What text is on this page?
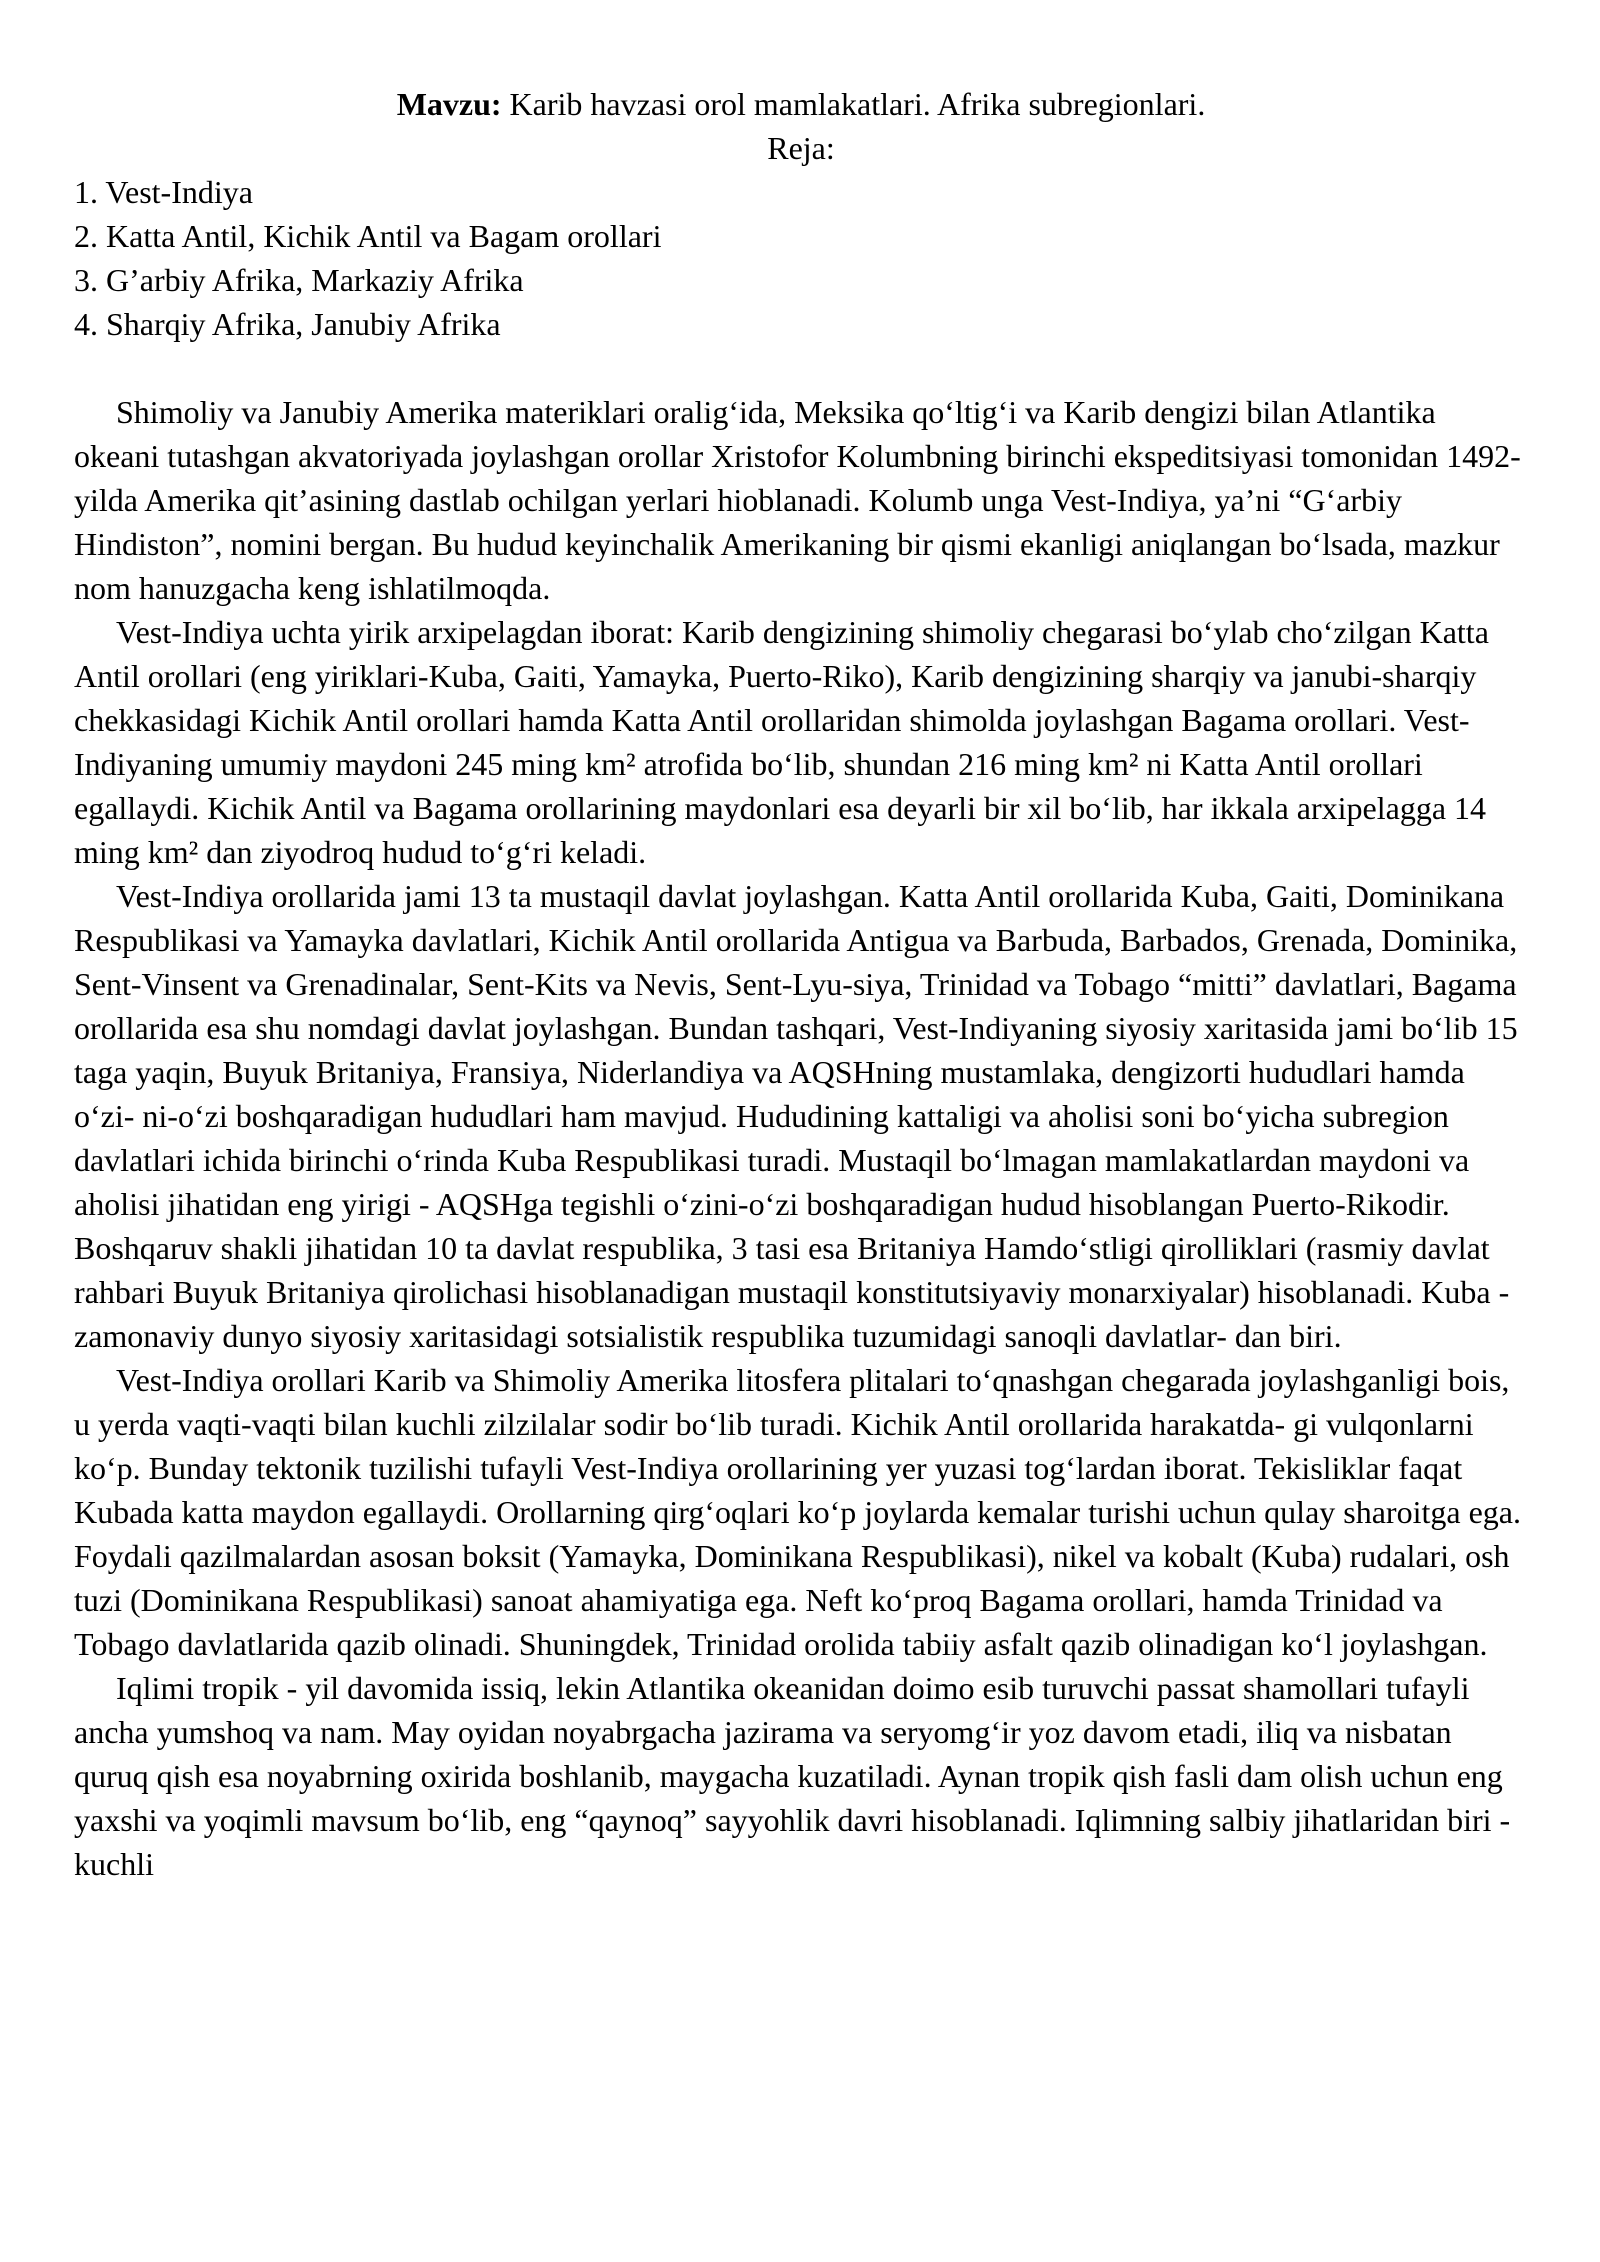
Mavzu: Karib havzasi orol mamlakatlari. Afrika subregionlari.
Reja:
1. Vest-Indiya
2. Katta Antil, Kichik Antil va Bagam orollari
3. G’arbiy Afrika, Markaziy Afrika
4. Sharqiy Afrika, Janubiy Afrika

Shimoliy va Janubiy Amerika materiklari oralig‘ida, Meksika qo‘ltig‘i va Karib dengizi bilan Atlantika okeani tutashgan akvatoriyada joylashgan orollar Xristofor Kolumbning birinchi ekspeditsiyasi tomonidan 1492-yilda Amerika qit’asining dastlab ochilgan yerlari hioblanadi. Kolumb unga Vest-Indiya, ya’ni “G‘arbiy Hindiston”, nomini bergan. Bu hudud keyinchalik Amerikaning bir qismi ekanligi aniqlangan bo‘lsada, mazkur nom hanuzgacha keng ishlatilmoqda.

Vest-Indiya uchta yirik arxipelagdan iborat: Karib dengizining shimoliy chegarasi bo‘ylab cho‘zilgan Katta Antil orollari (eng yiriklari-Kuba, Gaiti, Yamayka, Puerto-Riko), Karib dengizining sharqiy va janubi-sharqiy chekkasidagi Kichik Antil orollari hamda Katta Antil orollaridan shimolda joylashgan Bagama orollari. Vest-Indiyaning umumiy maydoni 245 ming km² atrofida bo‘lib, shundan 216 ming km² ni Katta Antil orollari egallaydi. Kichik Antil va Bagama orollarining maydonlari esa deyarli bir xil bo‘lib, har ikkala arxipelagga 14 ming km² dan ziyodroq hudud to‘g‘ri keladi.

Vest-Indiya orollarida jami 13 ta mustaqil davlat joylashgan. Katta Antil orollarida Kuba, Gaiti, Dominikana Respublikasi va Yamayka davlatlari, Kichik Antil orollarida Antigua va Barbuda, Barbados, Grenada, Dominika, Sent-Vinsent va Grenadinalar, Sent-Kits va Nevis, Sent-Lyu-siya, Trinidad va Tobago “mitti” davlatlari, Bagama orollarida esa shu nomdagi davlat joylashgan. Bundan tashqari, Vest-Indiyaning siyosiy xaritasida jami bo‘lib 15 taga yaqin, Buyuk Britaniya, Fransiya, Niderlandiya va AQSHning mustamlaka, dengizorti hududlari hamda o‘zi- ni-o‘zi boshqaradigan hududlari ham mavjud. Hududining kattaligi va aholisi soni bo‘yicha subregion davlatlari ichida birinchi o‘rinda Kuba Respublikasi turadi. Mustaqil bo‘lmagan mamlakatlardan maydoni va aholisi jihatidan eng yirigi - AQSHga tegishli o‘zini-o‘zi boshqaradigan hudud hisoblangan Puerto-Rikodir. Boshqaruv shakli jihatidan 10 ta davlat respublika, 3 tasi esa Britaniya Hamdo‘stligi qirolliklari (rasmiy davlat rahbari Buyuk Britaniya qirolichasi hisoblanadigan mustaqil konstitutsiyaviy monarxiyalar) hisoblanadi. Kuba - zamonaviy dunyo siyosiy xaritasidagi sotsialistik respublika tuzumidagi sanoqli davlatlar- dan biri.

Vest-Indiya orollari Karib va Shimoliy Amerika litosfera plitalari to‘qnashgan chegarada joylashganligi bois, u yerda vaqti-vaqti bilan kuchli zilzilalar sodir bo‘lib turadi. Kichik Antil orollarida harakatda- gi vulqonlarni ko‘p. Bunday tektonik tuzilishi tufayli Vest-Indiya orollarining yer yuzasi tog‘lardan iborat. Tekisliklar faqat Kubada katta maydon egallaydi. Orollarning qirg‘oqlari ko‘p joylarda kemalar turishi uchun qulay sharoitga ega. Foydali qazilmalardan asosan boksit (Yamayka, Dominikana Respublikasi), nikel va kobalt (Kuba) rudalari, osh tuzi (Dominikana Respublikasi) sanoat ahamiyatiga ega. Neft ko‘proq Bagama orollari, hamda Trinidad va Tobago davlatlarida qazib olinadi. Shuningdek, Trinidad orolida tabiiy asfalt qazib olinadigan ko‘l joylashgan.

Iqlimi tropik - yil davomida issiq, lekin Atlantika okeanidan doimo esib turuvchi passat shamollari tufayli ancha yumshoq va nam. May oyidan noyabrgacha jazirama va seryomg‘ir yoz davom etadi, iliq va nisbatan quruq qish esa noyabrning oxirida boshlanib, maygacha kuzatiladi. Aynan tropik qish fasli dam olish uchun eng yaxshi va yoqimli mavsum bo‘lib, eng “qaynoq” sayyohlik davri hisoblanadi. Iqlimning salbiy jihatlaridan biri - kuchli
